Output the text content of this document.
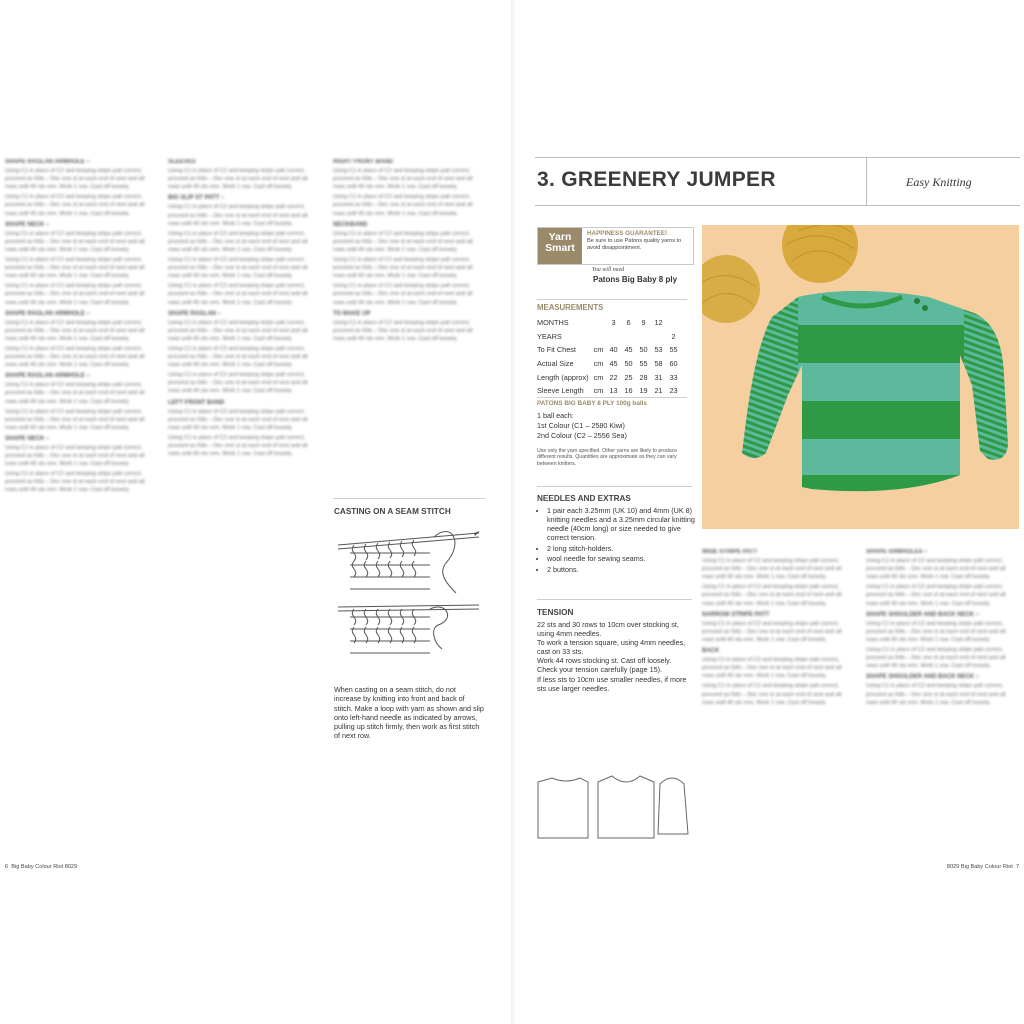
SHAPE RAGLAN ARMHOLE –

Using C1 in place of C2 and keeping stripe patt correct, proceed as folls – Dec one st at each end of next and alt rows until 40 sts rem. Work 1 row. Cast off loosely.

Using C1 in place of C2 and keeping stripe patt correct, proceed as folls – Dec one st at each end of next and alt rows until 40 sts rem. Work 1 row. Cast off loosely.

SHAPE NECK –

Using C1 in place of C2 and keeping stripe patt correct, proceed as folls – Dec one st at each end of next and alt rows until 40 sts rem. Work 1 row. Cast off loosely.

Using C1 in place of C2 and keeping stripe patt correct, proceed as folls – Dec one st at each end of next and alt rows until 40 sts rem. Work 1 row. Cast off loosely.

Using C1 in place of C2 and keeping stripe patt correct, proceed as folls – Dec one st at each end of next and alt rows until 40 sts rem. Work 1 row. Cast off loosely.

SHAPE RAGLAN ARMHOLE –

Using C1 in place of C2 and keeping stripe patt correct, proceed as folls – Dec one st at each end of next and alt rows until 40 sts rem. Work 1 row. Cast off loosely.

Using C1 in place of C2 and keeping stripe patt correct, proceed as folls – Dec one st at each end of next and alt rows until 40 sts rem. Work 1 row. Cast off loosely.

SHAPE RAGLAN ARMHOLE –

Using C1 in place of C2 and keeping stripe patt correct, proceed as folls – Dec one st at each end of next and alt rows until 40 sts rem. Work 1 row. Cast off loosely.

Using C1 in place of C2 and keeping stripe patt correct, proceed as folls – Dec one st at each end of next and alt rows until 40 sts rem. Work 1 row. Cast off loosely.

SHAPE NECK –

Using C1 in place of C2 and keeping stripe patt correct, proceed as folls – Dec one st at each end of next and alt rows until 40 sts rem. Work 1 row. Cast off loosely.

Using C1 in place of C2 and keeping stripe patt correct, proceed as folls – Dec one st at each end of next and alt rows until 40 sts rem. Work 1 row. Cast off loosely.

SLEEVES

Using C1 in place of C2 and keeping stripe patt correct, proceed as folls – Dec one st at each end of next and alt rows until 40 sts rem. Work 1 row. Cast off loosely.

BIG SLIP ST PATT –

Using C1 in place of C2 and keeping stripe patt correct, proceed as folls – Dec one st at each end of next and alt rows until 40 sts rem. Work 1 row. Cast off loosely.

Using C1 in place of C2 and keeping stripe patt correct, proceed as folls – Dec one st at each end of next and alt rows until 40 sts rem. Work 1 row. Cast off loosely.

Using C1 in place of C2 and keeping stripe patt correct, proceed as folls – Dec one st at each end of next and alt rows until 40 sts rem. Work 1 row. Cast off loosely.

Using C1 in place of C2 and keeping stripe patt correct, proceed as folls – Dec one st at each end of next and alt rows until 40 sts rem. Work 1 row. Cast off loosely.

SHAPE RAGLAN –

Using C1 in place of C2 and keeping stripe patt correct, proceed as folls – Dec one st at each end of next and alt rows until 40 sts rem. Work 1 row. Cast off loosely.

Using C1 in place of C2 and keeping stripe patt correct, proceed as folls – Dec one st at each end of next and alt rows until 40 sts rem. Work 1 row. Cast off loosely.

Using C1 in place of C2 and keeping stripe patt correct, proceed as folls – Dec one st at each end of next and alt rows until 40 sts rem. Work 1 row. Cast off loosely.

LEFT FRONT BAND

Using C1 in place of C2 and keeping stripe patt correct, proceed as folls – Dec one st at each end of next and alt rows until 40 sts rem. Work 1 row. Cast off loosely.

Using C1 in place of C2 and keeping stripe patt correct, proceed as folls – Dec one st at each end of next and alt rows until 40 sts rem. Work 1 row. Cast off loosely.

RIGHT FRONT BAND

Using C1 in place of C2 and keeping stripe patt correct, proceed as folls – Dec one st at each end of next and alt rows until 40 sts rem. Work 1 row. Cast off loosely.

Using C1 in place of C2 and keeping stripe patt correct, proceed as folls – Dec one st at each end of next and alt rows until 40 sts rem. Work 1 row. Cast off loosely.

NECKBAND

Using C1 in place of C2 and keeping stripe patt correct, proceed as folls – Dec one st at each end of next and alt rows until 40 sts rem. Work 1 row. Cast off loosely.

Using C1 in place of C2 and keeping stripe patt correct, proceed as folls – Dec one st at each end of next and alt rows until 40 sts rem. Work 1 row. Cast off loosely.

Using C1 in place of C2 and keeping stripe patt correct, proceed as folls – Dec one st at each end of next and alt rows until 40 sts rem. Work 1 row. Cast off loosely.

TO MAKE UP

Using C1 in place of C2 and keeping stripe patt correct, proceed as folls – Dec one st at each end of next and alt rows until 40 sts rem. Work 1 row. Cast off loosely.

CASTING ON A SEAM STITCH
When casting on a seam stitch, do not increase by knitting into front and back of stitch. Make a loop with yarn as shown and slip onto left-hand needle as indicated by arrows, pulling up stitch firmly, then work as first stitch of next row.
3. GREENERY JUMPER	Easy Knitting
Yarn
Smart
HAPPINESS GUARANTEE!
Be sure to use Patons quality yarns to avoid disappointment.
You will need
Patons Big Baby 8 ply
MEASUREMENTS
MONTHS		3	6	9	12	
YEARS						2
To Fit Chest	cm	40	45	50	53	55
Actual Size	cm	45	50	55	58	60
Length (approx)	cm	22	25	28	31	33
Sleeve Length	cm	13	16	19	21	23
PATONS BIG BABY 8 PLY 100g balls

1 ball each:

1st Colour (C1 – 2580 Kiwi)

2nd Colour (C2 – 2556 Sea)

Use only the yarn specified. Other yarns are likely to produce different results. Quantities are approximate as they can vary between knitters.
NEEDLES AND EXTRAS
• 1 pair each 3.25mm (UK 10) and 4mm (UK 8) knitting needles and a 3.25mm circular knitting needle (40cm long) or size needed to give correct tension.
• 2 long stitch-holders.
• wool needle for sewing seams.
• 2 buttons.
TENSION

22 sts and 30 rows to 10cm over stocking st, using 4mm needles.

To work a tension square, using 4mm needles, cast on 33 sts.

Work 44 rows stocking st. Cast off loosely.

Check your tension carefully (page 15).

If less sts to 10cm use smaller needles, if more sts use larger needles.

WIDE STRIPE PATT

Using C1 in place of C2 and keeping stripe patt correct, proceed as folls – Dec one st at each end of next and alt rows until 40 sts rem. Work 1 row. Cast off loosely.

Using C1 in place of C2 and keeping stripe patt correct, proceed as folls – Dec one st at each end of next and alt rows until 40 sts rem. Work 1 row. Cast off loosely.

NARROW STRIPE PATT

Using C1 in place of C2 and keeping stripe patt correct, proceed as folls – Dec one st at each end of next and alt rows until 40 sts rem. Work 1 row. Cast off loosely.

BACK

Using C1 in place of C2 and keeping stripe patt correct, proceed as folls – Dec one st at each end of next and alt rows until 40 sts rem. Work 1 row. Cast off loosely.

Using C1 in place of C2 and keeping stripe patt correct, proceed as folls – Dec one st at each end of next and alt rows until 40 sts rem. Work 1 row. Cast off loosely.

SHAPE ARMHOLES –

Using C1 in place of C2 and keeping stripe patt correct, proceed as folls – Dec one st at each end of next and alt rows until 40 sts rem. Work 1 row. Cast off loosely.

Using C1 in place of C2 and keeping stripe patt correct, proceed as folls – Dec one st at each end of next and alt rows until 40 sts rem. Work 1 row. Cast off loosely.

SHAPE SHOULDER AND BACK NECK –

Using C1 in place of C2 and keeping stripe patt correct, proceed as folls – Dec one st at each end of next and alt rows until 40 sts rem. Work 1 row. Cast off loosely.

Using C1 in place of C2 and keeping stripe patt correct, proceed as folls – Dec one st at each end of next and alt rows until 40 sts rem. Work 1 row. Cast off loosely.

SHAPE SHOULDER AND BACK NECK –

Using C1 in place of C2 and keeping stripe patt correct, proceed as folls – Dec one st at each end of next and alt rows until 40 sts rem. Work 1 row. Cast off loosely.

6 Big Baby Colour Riot 8029	8029 Big Baby Colour Riot 7
